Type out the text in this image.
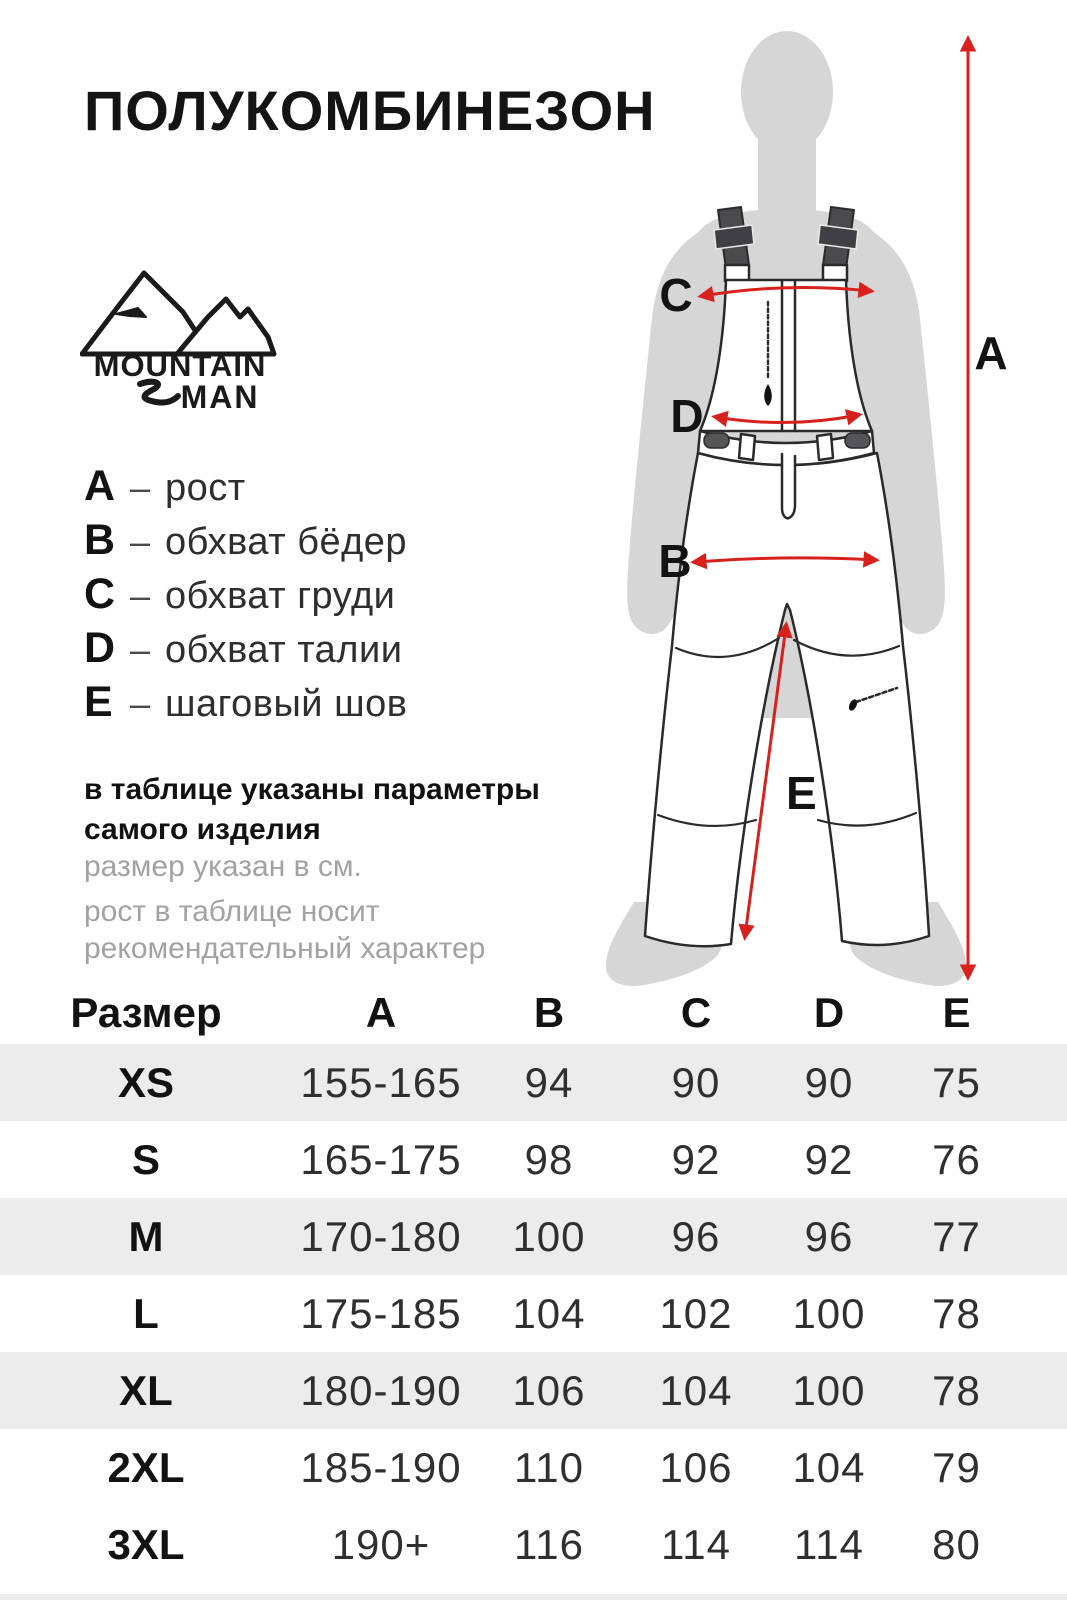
ПОЛУКОМБИНЕЗОН
MOUNTAIN
MAN
A – рост
B – обхват бёдер
C – обхват груди
D – обхват талии
E – шаговый шов
в таблице указаны параметры самого изделия
размер указан в см.
рост в таблице носит рекомендательный характер
C
D
B
E
A
Размер	A	B	C	D	E
XS	155-165	94	90	90	75
S	165-175	98	92	92	76
M	170-180	100	96	96	77
L	175-185	104	102	100	78
XL	180-190	106	104	100	78
2XL	185-190	110	106	104	79
3XL	190+	116	114	114	80
